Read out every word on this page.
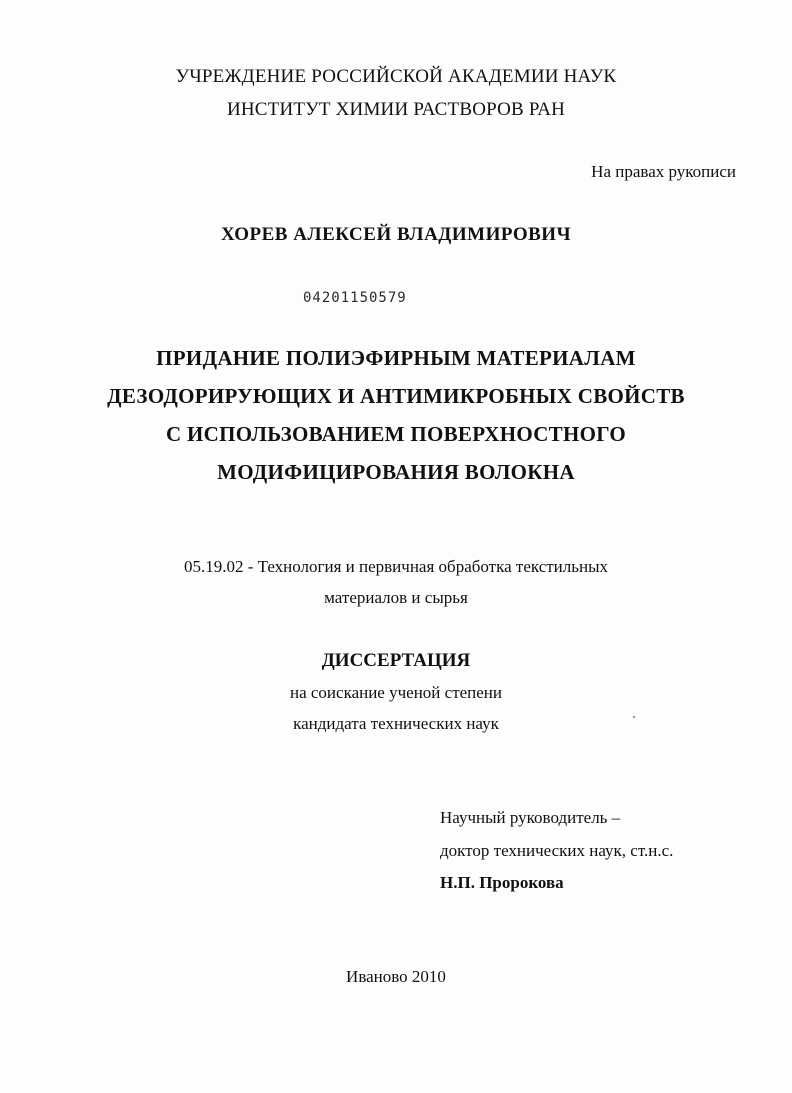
УЧРЕЖДЕНИЕ РОССИЙСКОЙ АКАДЕМИИ НАУК
ИНСТИТУТ ХИМИИ РАСТВОРОВ РАН
На правах рукописи
ХОРЕВ АЛЕКСЕЙ ВЛАДИМИРОВИЧ
04201150579
ПРИДАНИЕ ПОЛИЭФИРНЫМ МАТЕРИАЛАМ
ДЕЗОДОРИРУЮЩИХ И АНТИМИКРОБНЫХ СВОЙСТВ
С ИСПОЛЬЗОВАНИЕМ ПОВЕРХНОСТНОГО
МОДИФИЦИРОВАНИЯ ВОЛОКНА
05.19.02 - Технология и первичная обработка текстильных
материалов и сырья
ДИССЕРТАЦИЯ
на соискание ученой степени
кандидата технических наук
Научный руководитель –
доктор технических наук, ст.н.с.
Н.П. Пророкова
Иваново 2010
